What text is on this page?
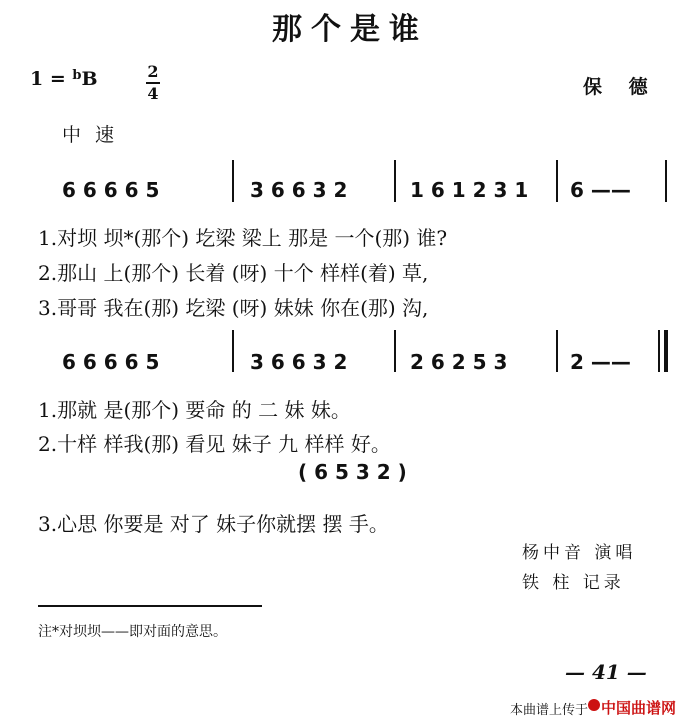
那个是谁
1 = $^b$B	2
4	保 德
中速
6 6 6 6 5	3 6 6 3 2	1 6 1 2 3 1 6 ——
1.对坝 坝*(那个) 圪梁 梁上 那是 一个(那) 谁?
2.那山 上(那个) 长着 (呀) 十个 样样(着) 草,
3.哥哥 我在(那) 圪梁 (呀) 妹妹 你在(那) 沟,
6 6 6 6 5	3 6 6 3 2	2 6 2 5 3	2 ——
1.那就 是(那个) 要命 的 二 妹 妹。
2.十样 样我(那) 看见 妹子 九 样样 好。
( 6 5 3 2 )
3.心思 你要是 对了 妹子你就摆 摆 手。
杨中音 演唱
铁 柱 记录
注*对坝坝——即对面的意思。
— 41 —
本曲谱上传于 中国曲谱网
